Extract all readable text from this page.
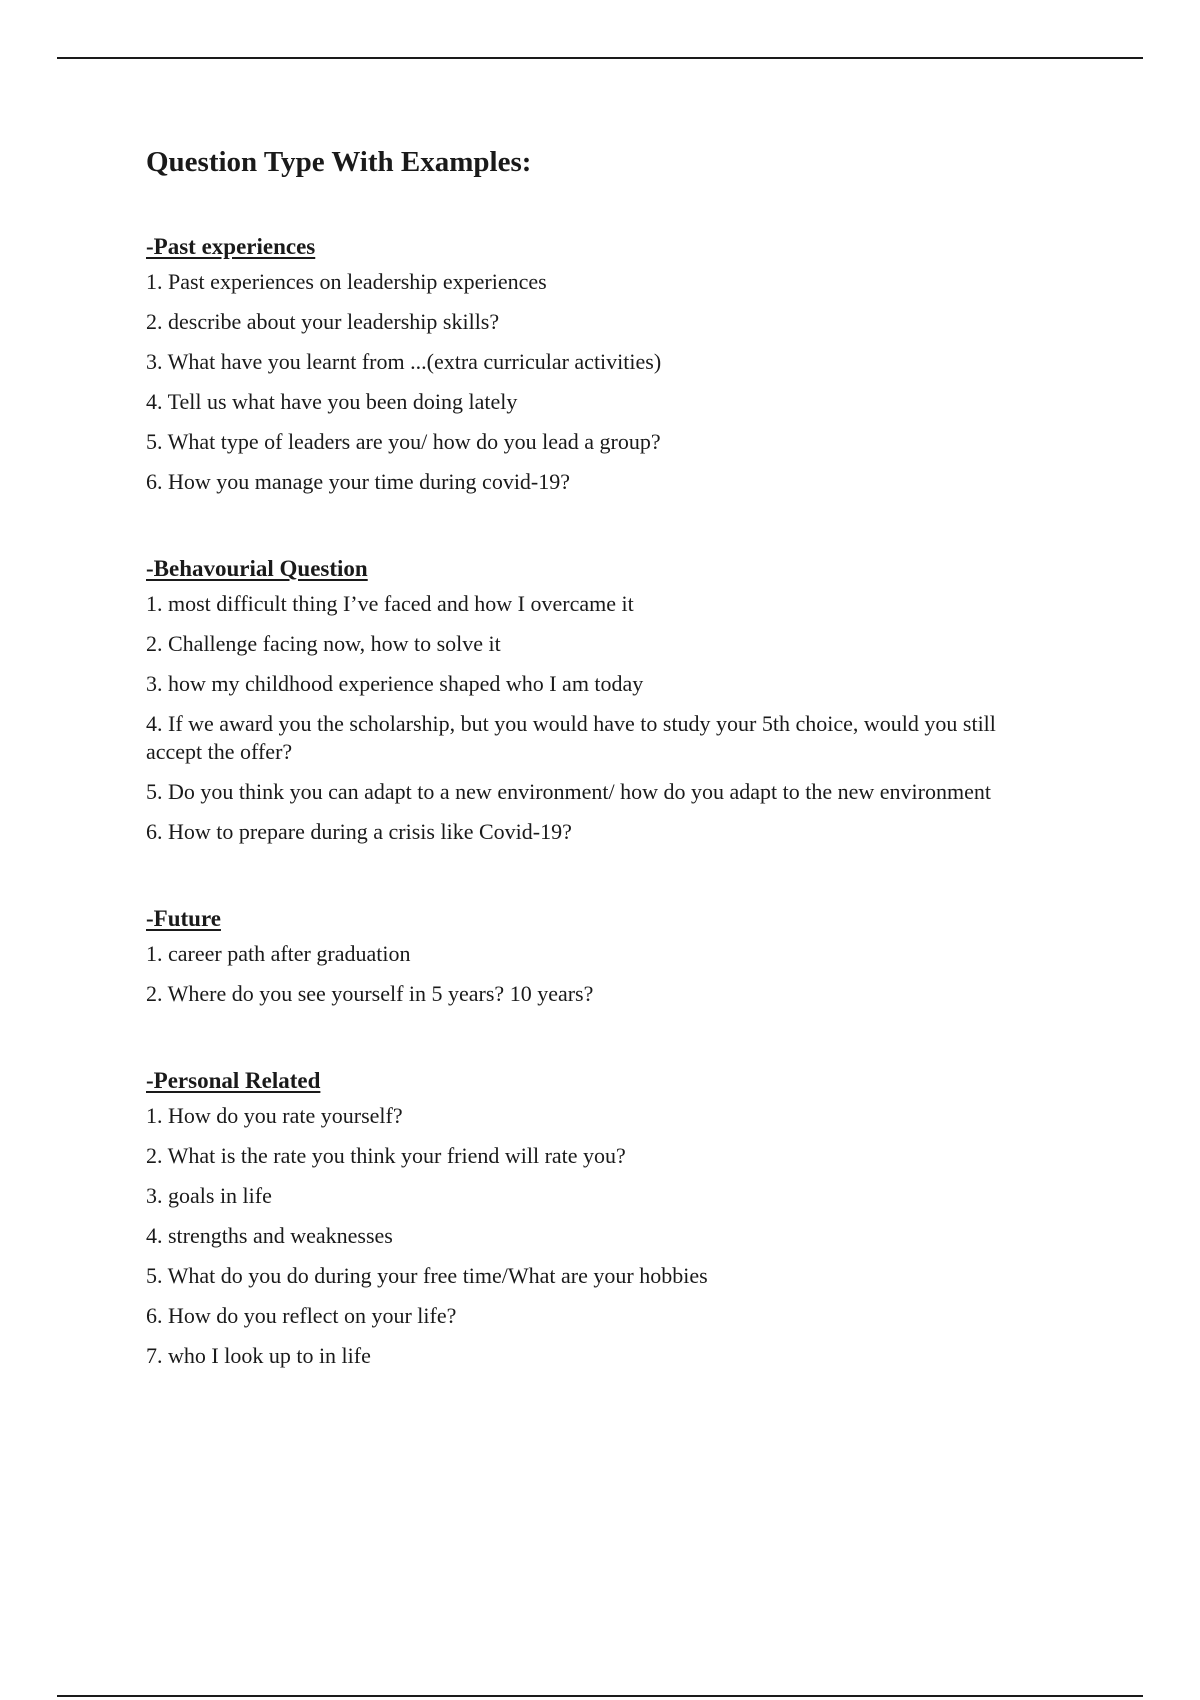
Question Type With Examples:
-Past experiences
1. Past experiences on leadership experiences
2. describe about your leadership skills?
3. What have you learnt from ...(extra curricular activities)
4. Tell us what have you been doing lately
5. What type of leaders are you/ how do you lead a group?
6. How you manage your time during covid-19?
-Behavourial Question
1. most difficult thing I’ve faced and how I overcame it
2. Challenge facing now, how to solve it
3. how my childhood experience shaped who I am today
4. If we award you the scholarship, but you would have to study your 5th choice, would you still accept the offer?
5. Do you think you can adapt to a new environment/ how do you adapt to the new environment
6. How to prepare during a crisis like Covid-19?
-Future
1. career path after graduation
2. Where do you see yourself in 5 years? 10 years?
-Personal Related
1. How do you rate yourself?
2. What is the rate you think your friend will rate you?
3. goals in life
4. strengths and weaknesses
5. What do you do during your free time/What are your hobbies
6. How do you reflect on your life?
7. who I look up to in life
